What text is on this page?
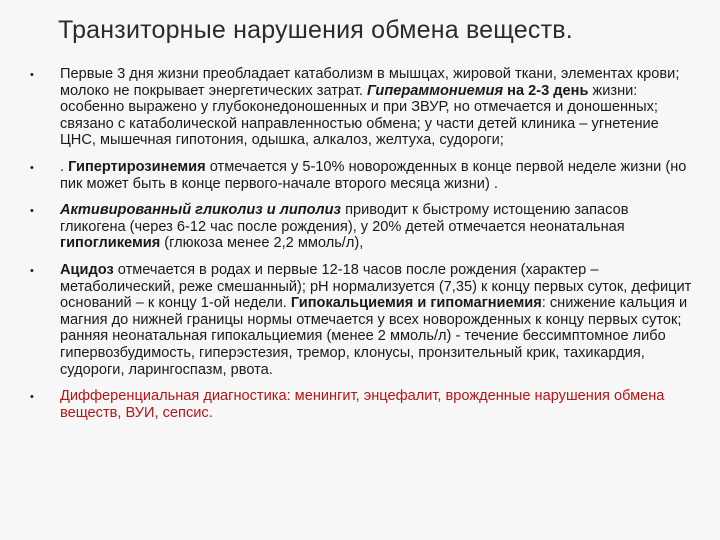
Транзиторные нарушения обмена веществ.
• Первые 3 дня жизни преобладает катаболизм в мышцах, жировой ткани, элементах крови; молоко не покрывает энергетических затрат. Гипераммониемия на 2-3 день жизни: особенно выражено у глубоконедоношенных и при ЗВУР, но отмечается и доношенных; связано с катаболической направленностью обмена; у части детей клиника – угнетение ЦНС, мышечная гипотония, одышка, алкалоз, желтуха, судороги;
• . Гипертирозинемия отмечается у 5-10% новорожденных в конце первой неделе жизни (но пик может быть в конце первого-начале второго месяца жизни) .
• Активированный гликолиз и липолиз приводит к быстрому истощению запасов гликогена (через 6-12 час после рождения), у 20% детей отмечается неонатальная гипогликемия (глюкоза менее 2,2 ммоль/л),
• Ацидоз отмечается в родах и первые 12-18 часов после рождения (характер – метаболический, реже смешанный); рН нормализуется (7,35) к концу первых суток, дефицит оснований – к концу 1-ой недели. Гипокальциемия и гипомагниемия: снижение кальция и магния до нижней границы нормы отмечается у всех новорожденных к концу первых суток; ранняя неонатальная гипокальциемия (менее 2 ммоль/л) - течение бессимптомное либо гипервозбудимость, гиперэстезия, тремор, клонусы, пронзительный крик, тахикардия, судороги, ларингоспазм, рвота.
• Дифференциальная диагностика: менингит, энцефалит, врожденные нарушения обмена веществ, ВУИ, сепсис.
